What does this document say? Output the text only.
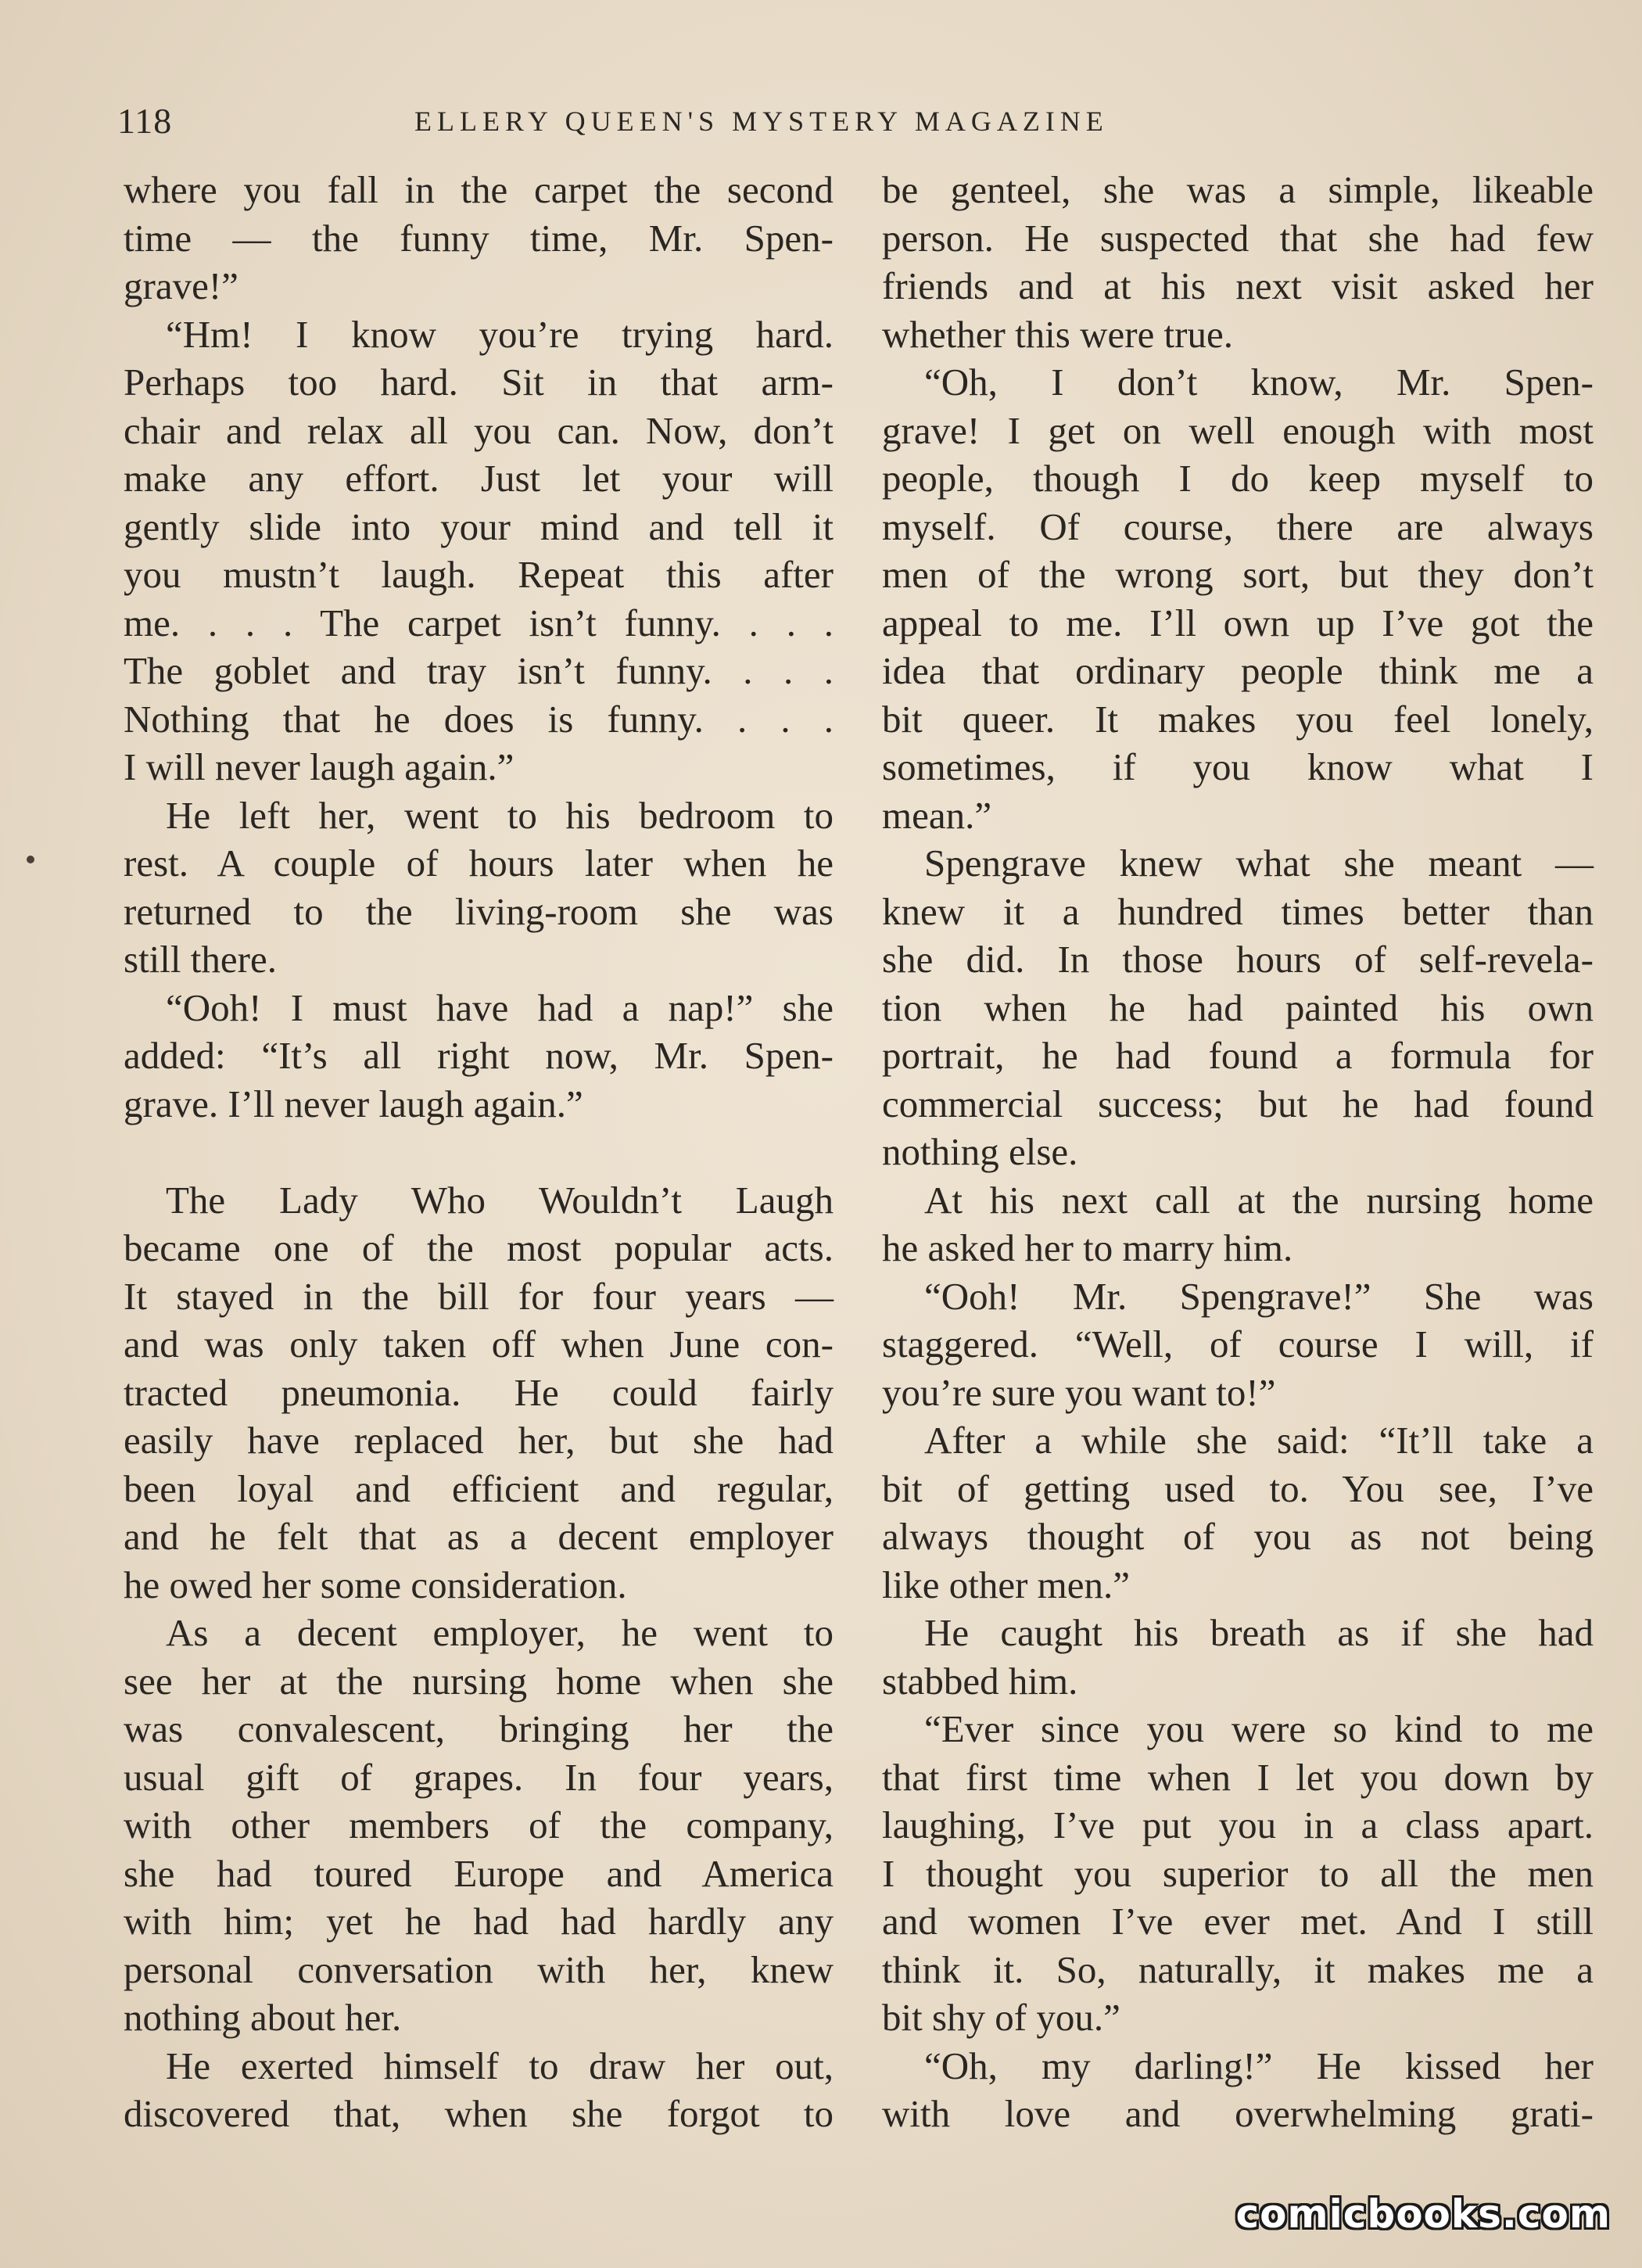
118	ELLERY QUEEN'S MYSTERY MAGAZINE
where you fall in the carpet the second
time — the funny time, Mr. Spen-
grave!”
“Hm! I know you’re trying hard.
Perhaps too hard. Sit in that arm-
chair and relax all you can. Now, don’t
make any effort. Just let your will
gently slide into your mind and tell it
you mustn’t laugh. Repeat this after
me. . . . The carpet isn’t funny. . . .
The goblet and tray isn’t funny. . . .
Nothing that he does is funny. . . .
I will never laugh again.”
He left her, went to his bedroom to
rest. A couple of hours later when he
returned to the living-room she was
still there.
“Ooh! I must have had a nap!” she
added: “It’s all right now, Mr. Spen-
grave. I’ll never laugh again.”
The Lady Who Wouldn’t Laugh
became one of the most popular acts.
It stayed in the bill for four years —
and was only taken off when June con-
tracted pneumonia. He could fairly
easily have replaced her, but she had
been loyal and efficient and regular,
and he felt that as a decent employer
he owed her some consideration.
As a decent employer, he went to
see her at the nursing home when she
was convalescent, bringing her the
usual gift of grapes. In four years,
with other members of the company,
she had toured Europe and America
with him; yet he had had hardly any
personal conversation with her, knew
nothing about her.
He exerted himself to draw her out,
discovered that, when she forgot to
be genteel, she was a simple, likeable
person. He suspected that she had few
friends and at his next visit asked her
whether this were true.
“Oh, I don’t know, Mr. Spen-
grave! I get on well enough with most
people, though I do keep myself to
myself. Of course, there are always
men of the wrong sort, but they don’t
appeal to me. I’ll own up I’ve got the
idea that ordinary people think me a
bit queer. It makes you feel lonely,
sometimes, if you know what I
mean.”
Spengrave knew what she meant —
knew it a hundred times better than
she did. In those hours of self-revela-
tion when he had painted his own
portrait, he had found a formula for
commercial success; but he had found
nothing else.
At his next call at the nursing home
he asked her to marry him.
“Ooh! Mr. Spengrave!” She was
staggered. “Well, of course I will, if
you’re sure you want to!”
After a while she said: “It’ll take a
bit of getting used to. You see, I’ve
always thought of you as not being
like other men.”
He caught his breath as if she had
stabbed him.
“Ever since you were so kind to me
that first time when I let you down by
laughing, I’ve put you in a class apart.
I thought you superior to all the men
and women I’ve ever met. And I still
think it. So, naturally, it makes me a
bit shy of you.”
“Oh, my darling!” He kissed her
with love and overwhelming grati-
comicbooks.com
